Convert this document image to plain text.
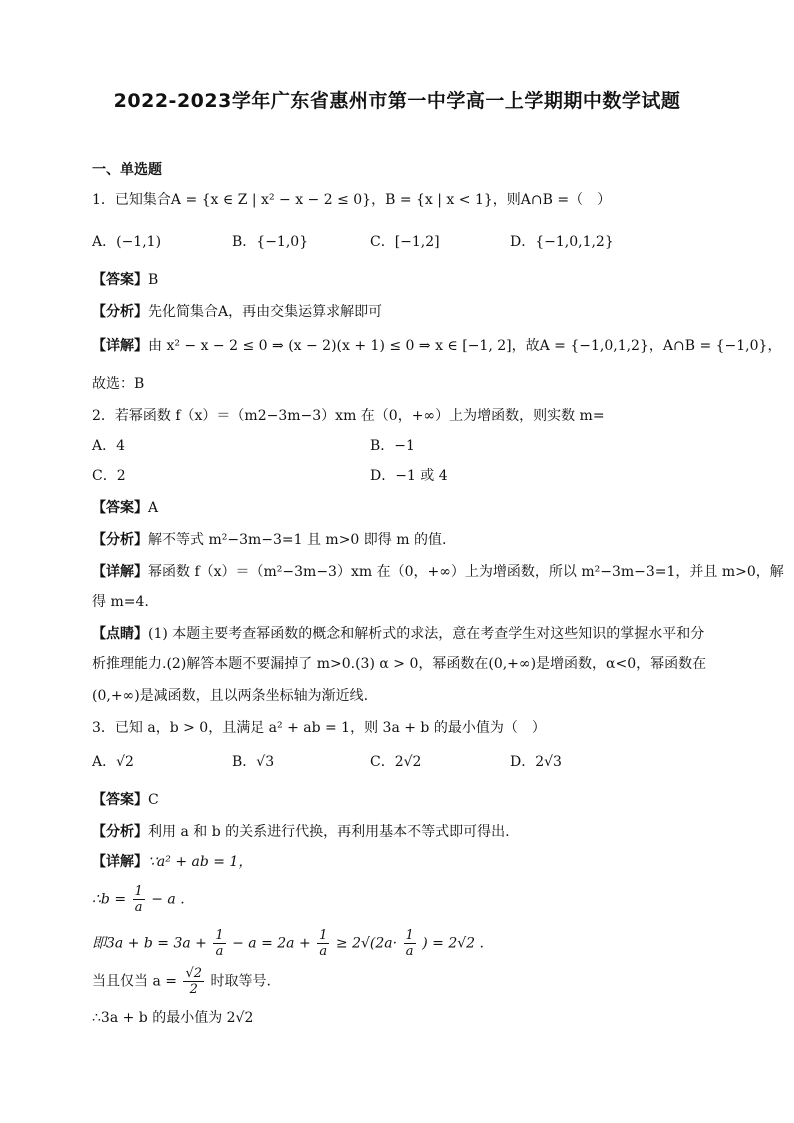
2022-2023学年广东省惠州市第一中学高一上学期期中数学试题
一、单选题
1．已知集合A = {x ∈ Z | x² − x − 2 ≤ 0}，B = {x | x < 1}，则A∩B =（　）
A．(−1,1)	B．{−1,0}	C．[−1,2]	D．{−1,0,1,2}
【答案】B
【分析】先化简集合A，再由交集运算求解即可
【详解】由 x² − x − 2 ≤ 0 ⇒ (x − 2)(x + 1) ≤ 0 ⇒ x ∈ [−1, 2]，故A = {−1,0,1,2}，A∩B = {−1,0}，
故选：B
2．若幂函数 f（x）＝（m2−3m−3）xm 在（0，+∞）上为增函数，则实数 m=
A．4	B．−1
C．2	D．−1 或 4
【答案】A
【分析】解不等式 m²−3m−3=1 且 m>0 即得 m 的值.
【详解】幂函数 f（x）＝（m²−3m−3）xm 在（0，+∞）上为增函数，所以 m²−3m−3=1，并且 m>0，解
得 m=4.
【点睛】(1) 本题主要考查幂函数的概念和解析式的求法，意在考查学生对这些知识的掌握水平和分
析推理能力.(2)解答本题不要漏掉了 m>0.(3) α > 0，幂函数在(0,+∞)是增函数，α<0，幂函数在
(0,+∞)是减函数，且以两条坐标轴为渐近线.
3．已知 a，b > 0，且满足 a² + ab = 1，则 3a + b 的最小值为（　）
A．√2	B．√3	C．2√2	D．2√3
【答案】C
【分析】利用 a 和 b 的关系进行代换，再利用基本不等式即可得出.
【详解】∵a² + ab = 1，
∴b = $\frac{1}{a} - a$ .
即$3a + b = 3a + \frac{1}{a} - a = 2a + \frac{1}{a} \ge 2√(2a\cdot \frac{1}{a}$ ) = 2√2 .
当且仅当 $a = \frac{√2}{2}$ 时取等号.
∴3a + b 的最小值为 2√2
